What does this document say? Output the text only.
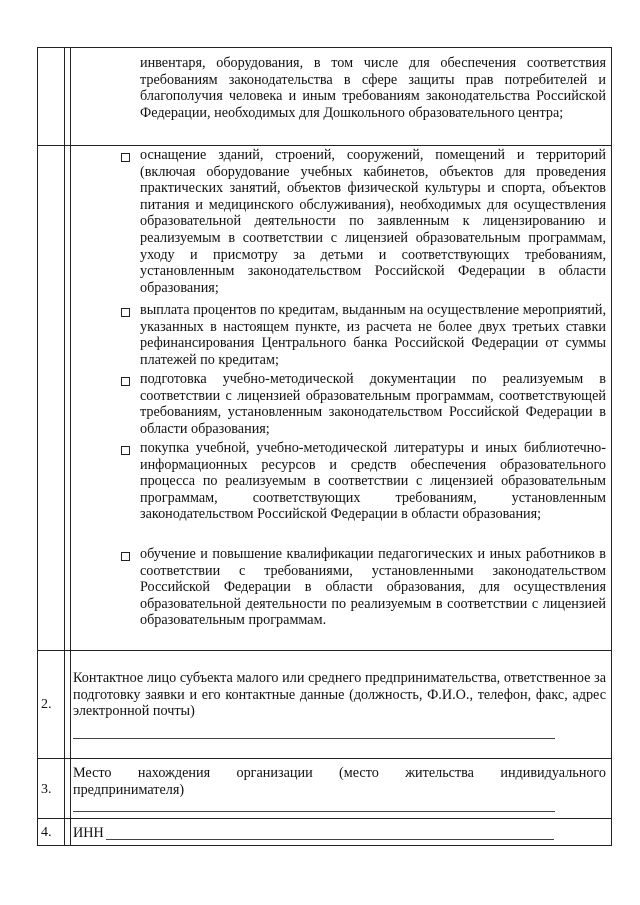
инвентаря, оборудования, в том числе для обеспечения соответствия требованиям законодательства в сфере защиты прав потребителей и благополучия человека и иным требованиям законодательства Российской Федерации, необходимых для Дошкольного образовательного центра;
оснащение зданий, строений, сооружений, помещений и территорий (включая оборудование учебных кабинетов, объектов для проведения практических занятий, объектов физической культуры и спорта, объектов питания и медицинского обслуживания), необходимых для осуществления образовательной деятельности по заявленным к лицензированию и реализуемым в соответствии с лицензией образовательным программам, уходу и присмотру за детьми и соответствующих требованиям, установленным законодательством Российской Федерации в области образования;
выплата процентов по кредитам, выданным на осуществление мероприятий, указанных в настоящем пункте, из расчета не более двух третьих ставки рефинансирования Центрального банка Российской Федерации от суммы платежей по кредитам;
подготовка учебно-методической документации по реализуемым в соответствии с лицензией образовательным программам, соответствующей требованиям, установленным законодательством Российской Федерации в области образования;
покупка учебной, учебно-методической литературы и иных библиотечно-информационных ресурсов и средств обеспечения образовательного процесса по реализуемым в соответствии с лицензией образовательным программам, соответствующих требованиям, установленным законодательством Российской Федерации в области образования;
обучение и повышение квалификации педагогических и иных работников в соответствии с требованиями, установленными законодательством Российской Федерации в области образования, для осуществления образовательной деятельности по реализуемым в соответствии с лицензией образовательным программам.
2.
Контактное лицо субъекта малого или среднего предпринимательства, ответственное за подготовку заявки и его контактные данные (должность, Ф.И.О., телефон, факс, адрес электронной почты)
3.
Место нахождения организации (место жительства индивидуального предпринимателя)
4. ИНН
